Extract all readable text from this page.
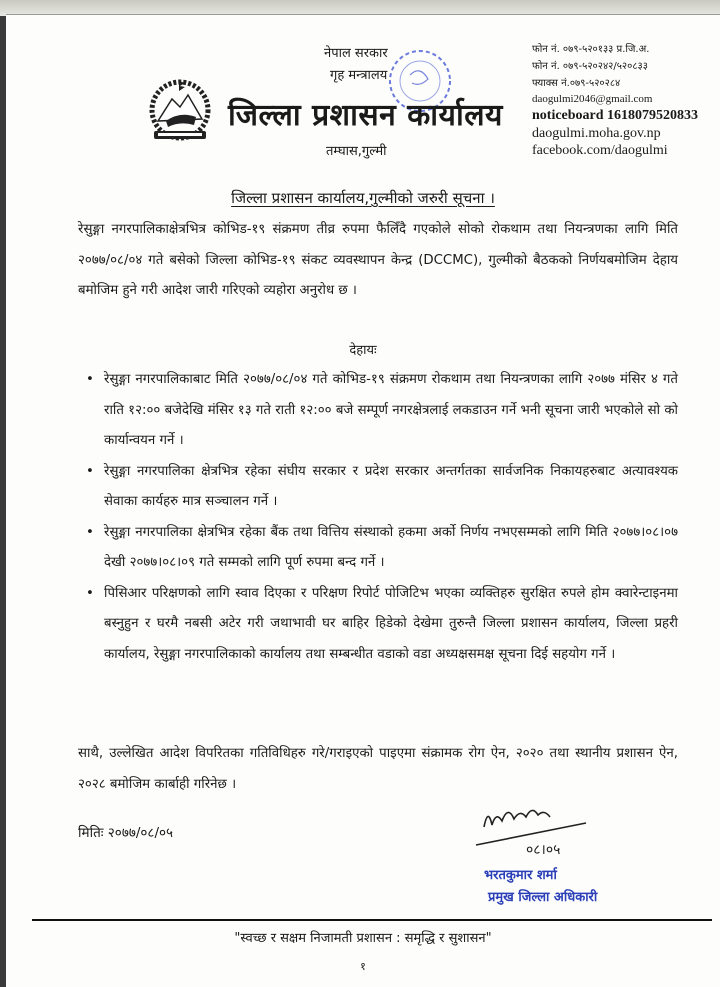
नेपाल सरकार
गृह मन्त्रालय
जिल्ला प्रशासन कार्यालय
तम्घास,गुल्मी
फोन नं. ०७९-५२०१३३ प्र.जि.अ.
फोन नं. ०७९-५२०२४२/५२०८३३
फ्याक्स नं.०७९-५२०२८४
daogulmi2046@gmail.com
noticeboard 1618079520833
daogulmi.moha.gov.np
facebook.com/daogulmi
जिल्ला प्रशासन कार्यालय,गुल्मीको जरुरी सूचना ।
रेसुङ्गा नगरपालिकाक्षेत्रभित्र कोभिड-१९ संक्रमण तीव्र रुपमा फैलिँदै गएकोले सोको रोकथाम तथा नियन्त्रणका लागि मिति २०७७/०८/०४ गते बसेको जिल्ला कोभिड-१९ संकट व्यवस्थापन केन्द्र (DCCMC), गुल्मीको बैठकको निर्णयबमोजिम देहाय बमोजिम हुने गरी आदेश जारी गरिएको व्यहोरा अनुरोध छ ।
देहायः
• रेसुङ्गा नगरपालिकाबाट मिति २०७७/०८/०४ गते कोभिड-१९ संक्रमण रोकथाम तथा नियन्त्रणका लागि २०७७ मंसिर ४ गते राति १२:०० बजेदेखि मंसिर १३ गते राती १२:०० बजे सम्पूर्ण नगरक्षेत्रलाई लकडाउन गर्ने भनी सूचना जारी भएकोले सो को कार्यान्वयन गर्ने ।
• रेसुङ्गा नगरपालिका क्षेत्रभित्र रहेका संघीय सरकार र प्रदेश सरकार अन्तर्गतका सार्वजनिक निकायहरुबाट अत्यावश्यक सेवाका कार्यहरु मात्र सञ्चालन गर्ने ।
• रेसुङ्गा नगरपालिका क्षेत्रभित्र रहेका बैंक तथा वित्तिय संस्थाको हकमा अर्को निर्णय नभएसम्मको लागि मिति २०७७।०८।०७ देखी २०७७।०८।०९ गते सम्मको लागि पूर्ण रुपमा बन्द गर्ने ।
• पिसिआर परिक्षणको लागि स्वाव दिएका र परिक्षण रिपोर्ट पोजिटिभ भएका व्यक्तिहरु सुरक्षित रुपले होम क्वारेन्टाइनमा बस्नुहुन र घरमै नबसी अटेर गरी जथाभावी घर बाहिर हिडेको देखेमा तुरुन्तै जिल्ला प्रशासन कार्यालय, जिल्ला प्रहरी कार्यालय, रेसुङ्गा नगरपालिकाको कार्यालय तथा सम्बन्धीत वडाको वडा अध्यक्षसमक्ष सूचना दिई सहयोग गर्ने ।
साथै, उल्लेखित आदेश विपरितका गतिविधिहरु गरे/गराइएको पाइएमा संक्रामक रोग ऐन, २०२० तथा स्थानीय प्रशासन ऐन, २०२८ बमोजिम कार्बाही गरिनेछ ।
मितिः २०७७/०८/०५
०८।०५
भरतकुमार शर्मा
प्रमुख जिल्ला अधिकारी
"स्वच्छ र सक्षम निजामती प्रशासन : समृद्धि र सुशासन"
१
